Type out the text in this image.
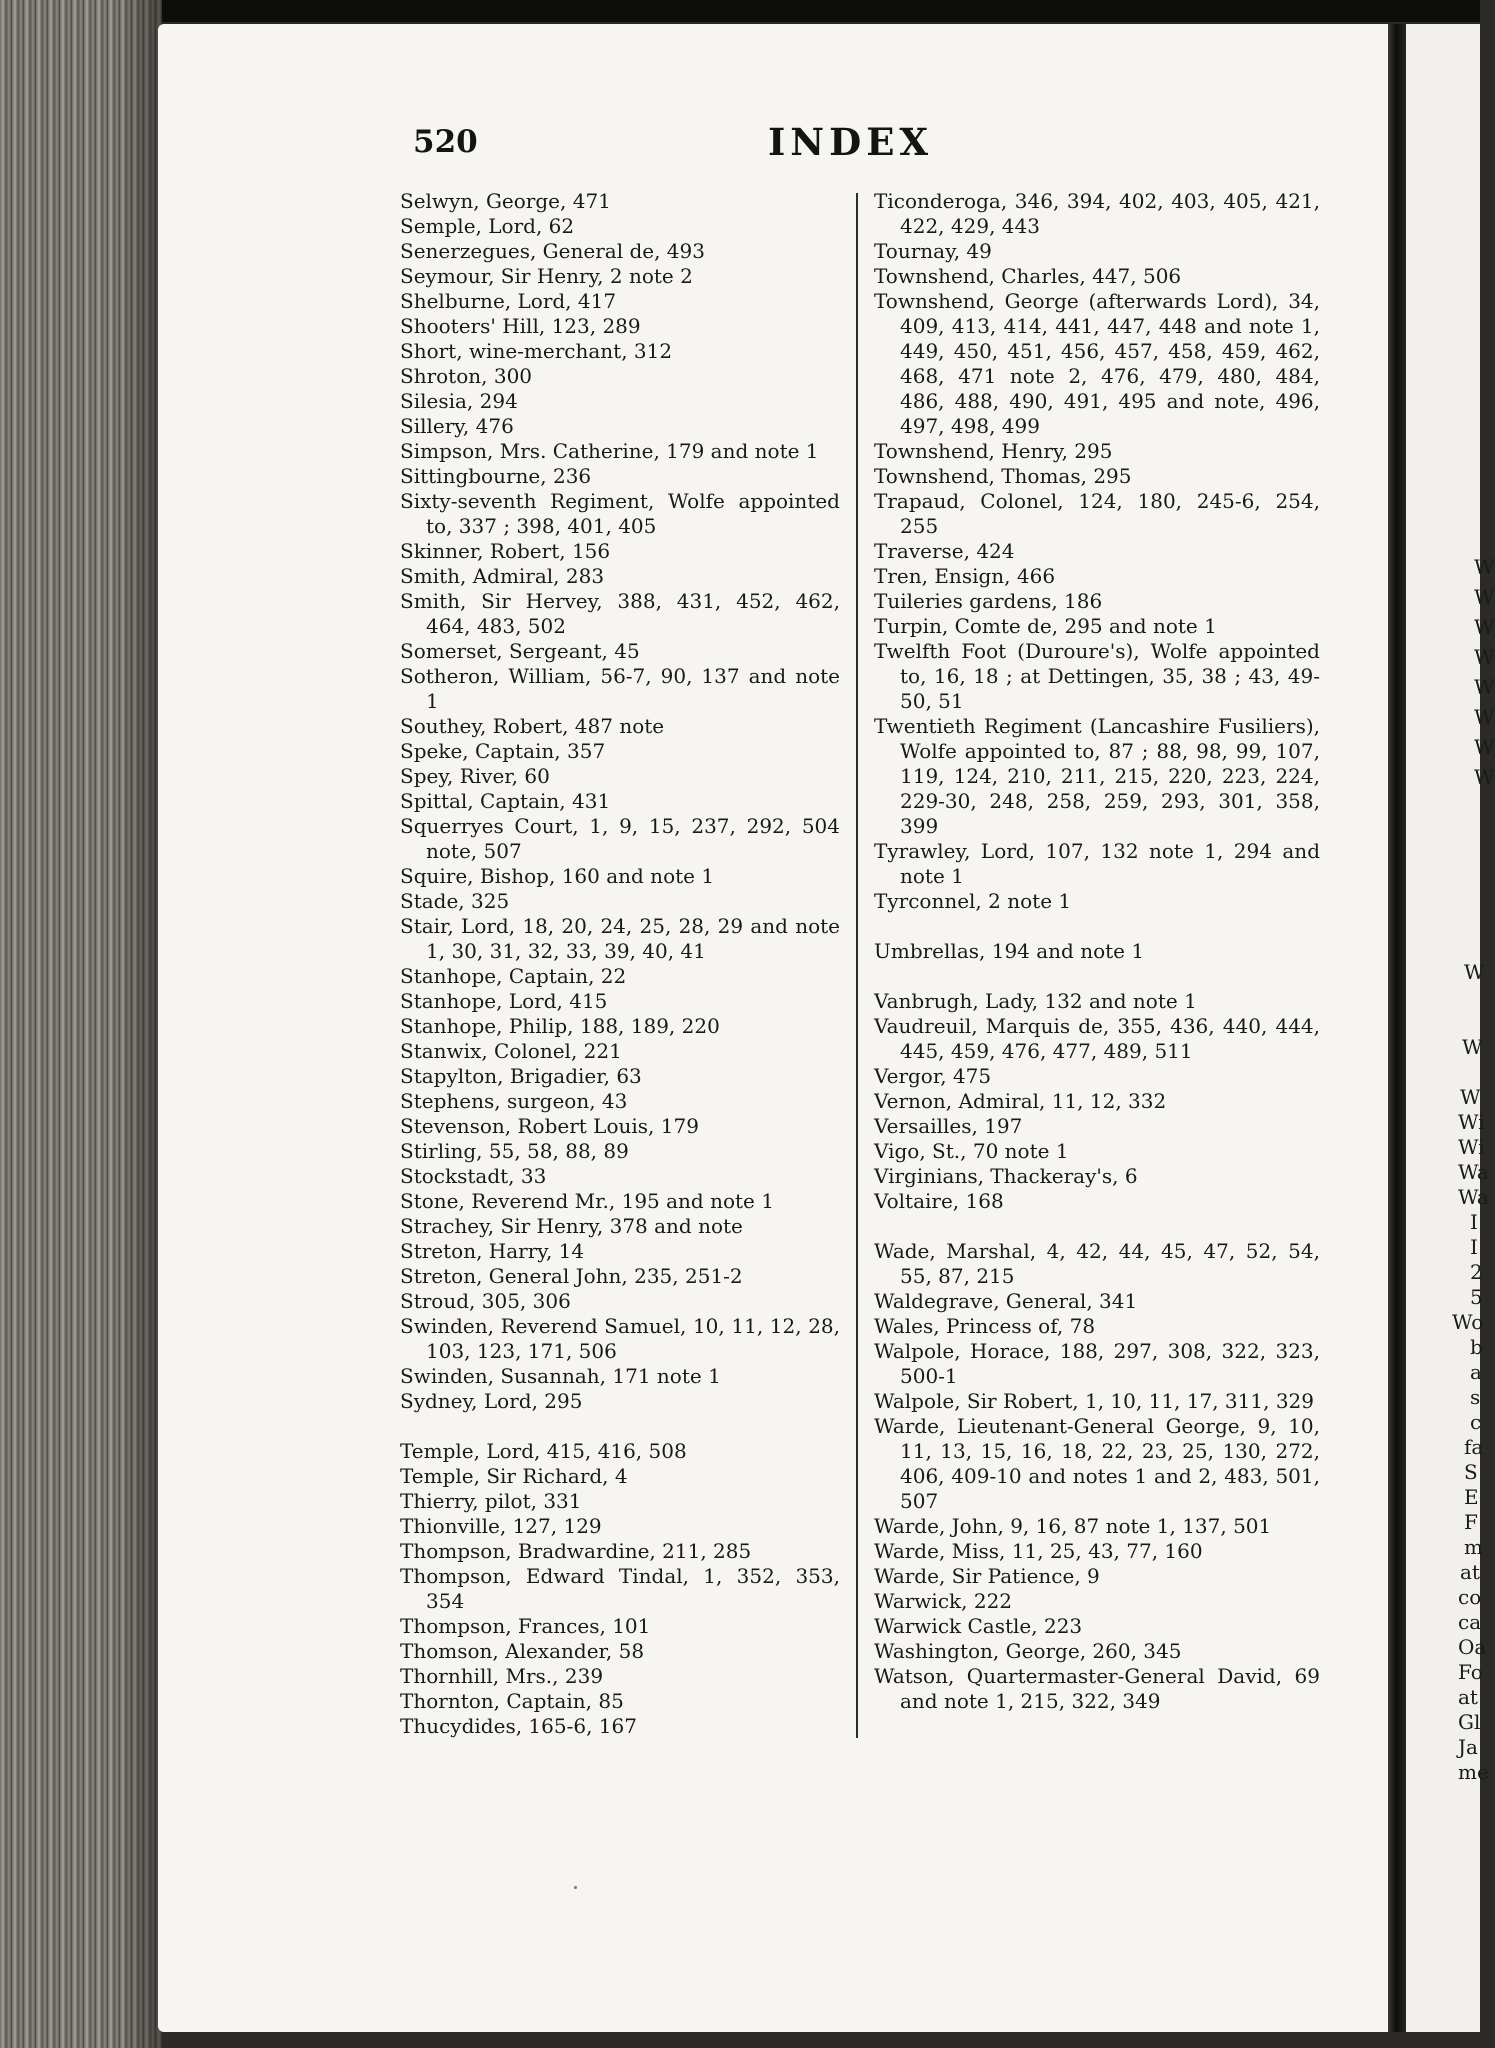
520	INDEX
Selwyn, George, 471
Semple, Lord, 62
Senerzegues, General de, 493
Seymour, Sir Henry, 2 note 2
Shelburne, Lord, 417
Shooters' Hill, 123, 289
Short, wine-merchant, 312
Shroton, 300
Silesia, 294
Sillery, 476
Simpson, Mrs. Catherine, 179 and note 1
Sittingbourne, 236
Sixty-seventh Regiment, Wolfe appointed to, 337 ; 398, 401, 405
Skinner, Robert, 156
Smith, Admiral, 283
Smith, Sir Hervey, 388, 431, 452, 462, 464, 483, 502
Somerset, Sergeant, 45
Sotheron, William, 56-7, 90, 137 and note 1
Southey, Robert, 487 note
Speke, Captain, 357
Spey, River, 60
Spittal, Captain, 431
Squerryes Court, 1, 9, 15, 237, 292, 504 note, 507
Squire, Bishop, 160 and note 1
Stade, 325
Stair, Lord, 18, 20, 24, 25, 28, 29 and note 1, 30, 31, 32, 33, 39, 40, 41
Stanhope, Captain, 22
Stanhope, Lord, 415
Stanhope, Philip, 188, 189, 220
Stanwix, Colonel, 221
Stapylton, Brigadier, 63
Stephens, surgeon, 43
Stevenson, Robert Louis, 179
Stirling, 55, 58, 88, 89
Stockstadt, 33
Stone, Reverend Mr., 195 and note 1
Strachey, Sir Henry, 378 and note
Streton, Harry, 14
Streton, General John, 235, 251-2
Stroud, 305, 306
Swinden, Reverend Samuel, 10, 11, 12, 28, 103, 123, 171, 506
Swinden, Susannah, 171 note 1
Sydney, Lord, 295
Temple, Lord, 415, 416, 508
Temple, Sir Richard, 4
Thierry, pilot, 331
Thionville, 127, 129
Thompson, Bradwardine, 211, 285
Thompson, Edward Tindal, 1, 352, 353, 354
Thompson, Frances, 101
Thomson, Alexander, 58
Thornhill, Mrs., 239
Thornton, Captain, 85
Thucydides, 165-6, 167
Ticonderoga, 346, 394, 402, 403, 405, 421, 422, 429, 443
Tournay, 49
Townshend, Charles, 447, 506
Townshend, George (afterwards Lord), 34, 409, 413, 414, 441, 447, 448 and note 1, 449, 450, 451, 456, 457, 458, 459, 462, 468, 471 note 2, 476, 479, 480, 484, 486, 488, 490, 491, 495 and note, 496, 497, 498, 499
Townshend, Henry, 295
Townshend, Thomas, 295
Trapaud, Colonel, 124, 180, 245-6, 254, 255
Traverse, 424
Tren, Ensign, 466
Tuileries gardens, 186
Turpin, Comte de, 295 and note 1
Twelfth Foot (Duroure's), Wolfe appointed to, 16, 18 ; at Dettingen, 35, 38 ; 43, 49-50, 51
Twentieth Regiment (Lancashire Fusiliers), Wolfe appointed to, 87 ; 88, 98, 99, 107, 119, 124, 210, 211, 215, 220, 223, 224, 229-30, 248, 258, 259, 293, 301, 358, 399
Tyrawley, Lord, 107, 132 note 1, 294 and note 1
Tyrconnel, 2 note 1
Umbrellas, 194 and note 1
Vanbrugh, Lady, 132 and note 1
Vaudreuil, Marquis de, 355, 436, 440, 444, 445, 459, 476, 477, 489, 511
Vergor, 475
Vernon, Admiral, 11, 12, 332
Versailles, 197
Vigo, St., 70 note 1
Virginians, Thackeray's, 6
Voltaire, 168
Wade, Marshal, 4, 42, 44, 45, 47, 52, 54, 55, 87, 215
Waldegrave, General, 341
Wales, Princess of, 78
Walpole, Horace, 188, 297, 308, 322, 323, 500-1
Walpole, Sir Robert, 1, 10, 11, 17, 311, 329
Warde, Lieutenant-General George, 9, 10, 11, 13, 15, 16, 18, 22, 23, 25, 130, 272, 406, 409-10 and notes 1 and 2, 483, 501, 507
Warde, John, 9, 16, 87 note 1, 137, 501
Warde, Miss, 11, 25, 43, 77, 160
Warde, Sir Patience, 9
Warwick, 222
Warwick Castle, 223
Washington, George, 260, 345
Watson, Quartermaster-General David, 69 and note 1, 215, 322, 349
W
W
W
W
W
W
W
W
W
W
W
Wi
Wi
Wa
Wa
I
I
2
5
Wo
b
a
s
c
fa
S
E
F
m
at
co
ca
Oa
Fo
at
Gl
Ja
me
